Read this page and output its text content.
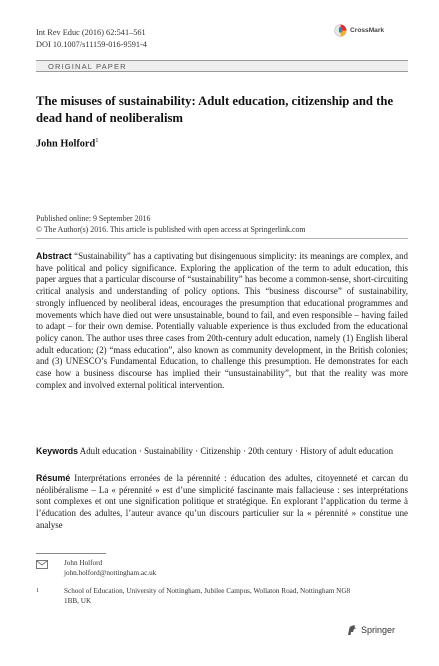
Int Rev Educ (2016) 62:541–561
DOI 10.1007/s11159-016-9591-4
CrossMark
ORIGINAL PAPER
The misuses of sustainability: Adult education, citizenship and the dead hand of neoliberalism
John Holford$^1$
Published online: 9 September 2016
© The Author(s) 2016. This article is published with open access at Springerlink.com
Abstract “Sustainability” has a captivating but disingenuous simplicity: its meanings are complex, and have political and policy significance. Exploring the application of the term to adult education, this paper argues that a particular discourse of “sustainability” has become a common-sense, short-circuiting critical analysis and understanding of policy options. This “business discourse” of sustainability, strongly influenced by neoliberal ideas, encourages the presumption that educational programmes and movements which have died out were unsustainable, bound to fail, and even responsible – having failed to adapt – for their own demise. Potentially valuable experience is thus excluded from the educational policy canon. The author uses three cases from 20th-century adult education, namely (1) English liberal adult education; (2) “mass education”, also known as community development, in the British colonies; and (3) UNESCO’s Fundamental Education, to challenge this presumption. He demonstrates for each case how a business discourse has implied their “unsustainability”, but that the reality was more complex and involved external political intervention.
Keywords Adult education · Sustainability · Citizenship · 20th century · History of adult education
Résumé Interprétations erronées de la pérennité : éducation des adultes, citoyenneté et carcan du néolibéralisme – La « pérennité » est d’une simplicité fascinante mais fallacieuse : ses interprétations sont complexes et ont une signification politique et stratégique. En explorant l’application du terme à l’éducation des adultes, l’auteur avance qu’un discours particulier sur la « pérennité » constitue une analyse
John Holford
john.holford@nottingham.ac.uk
1	School of Education, University of Nottingham, Jubilee Campus, Wollaton Road, Nottingham NG8 1BB, UK
Springer
